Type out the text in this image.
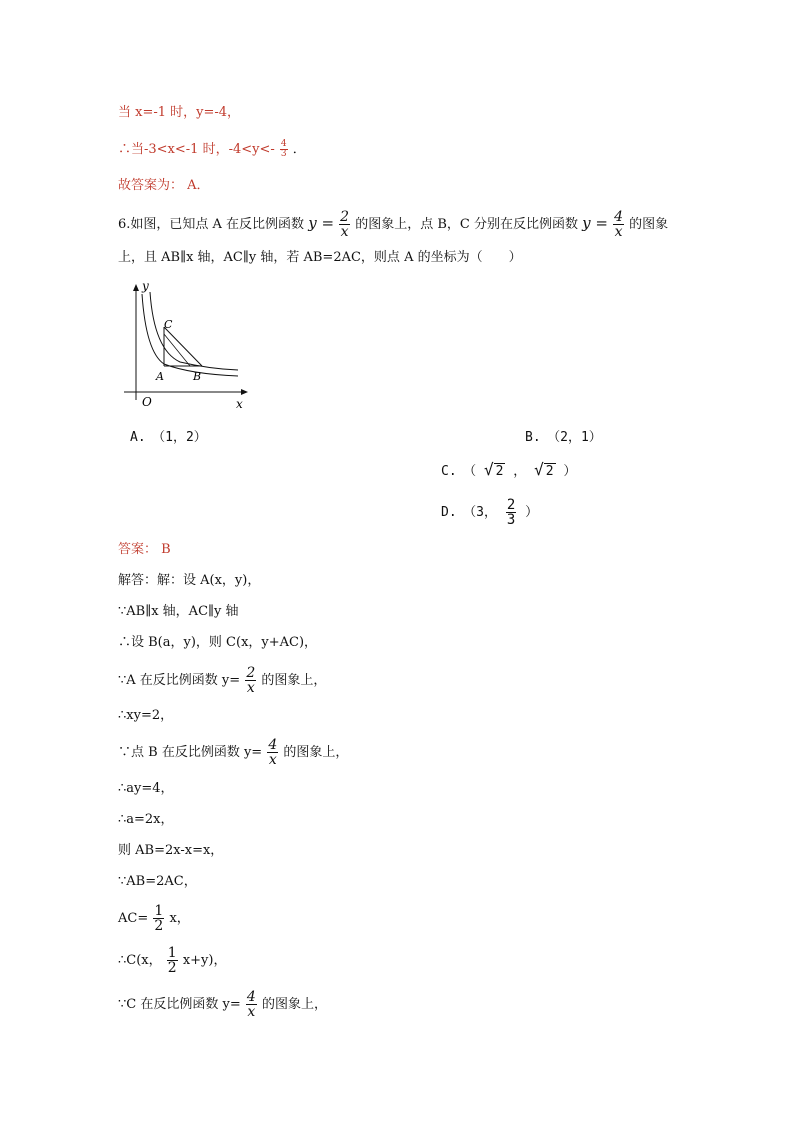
当 x=-1 时，y=-4，
∴当-3<x<-1 时，$-4<y<- \frac{4}{3}$ ．
故答案为： A．
6.如图，已知点 A 在反比例函数 $y = \frac{2}{x}$ 的图象上，点 B，C 分别在反比例函数 $y = \frac{4}{x}$ 的图象
上，且 AB∥x 轴，AC∥y 轴，若 AB=2AC，则点 A 的坐标为（　　）
y
x
O
A	B
C
A.　（1，2）	B.　（2，1）
C.　（ √ 2 ， √ 2 ）
D.　（3， $\frac{2}{3}$ ）
答案： B
解答：解：设 A(x，y)，
∵AB∥x 轴，AC∥y 轴
∴设 B(a，y)，则 C(x，y+AC)，
∵A 在反比例函数 $y= \frac{2}{x}$ 的图象上，
∴xy=2，
∵点 B 在反比例函数 $y= \frac{4}{x}$ 的图象上，
∴ay=4，
∴a=2x，
则 AB=2x-x=x，
∵AB=2AC，
$AC= \frac{1}{2}$ x，
∴C(x， $\frac{1}{2} x+y$)，
∵C 在反比例函数 $y= \frac{4}{x}$ 的图象上，
